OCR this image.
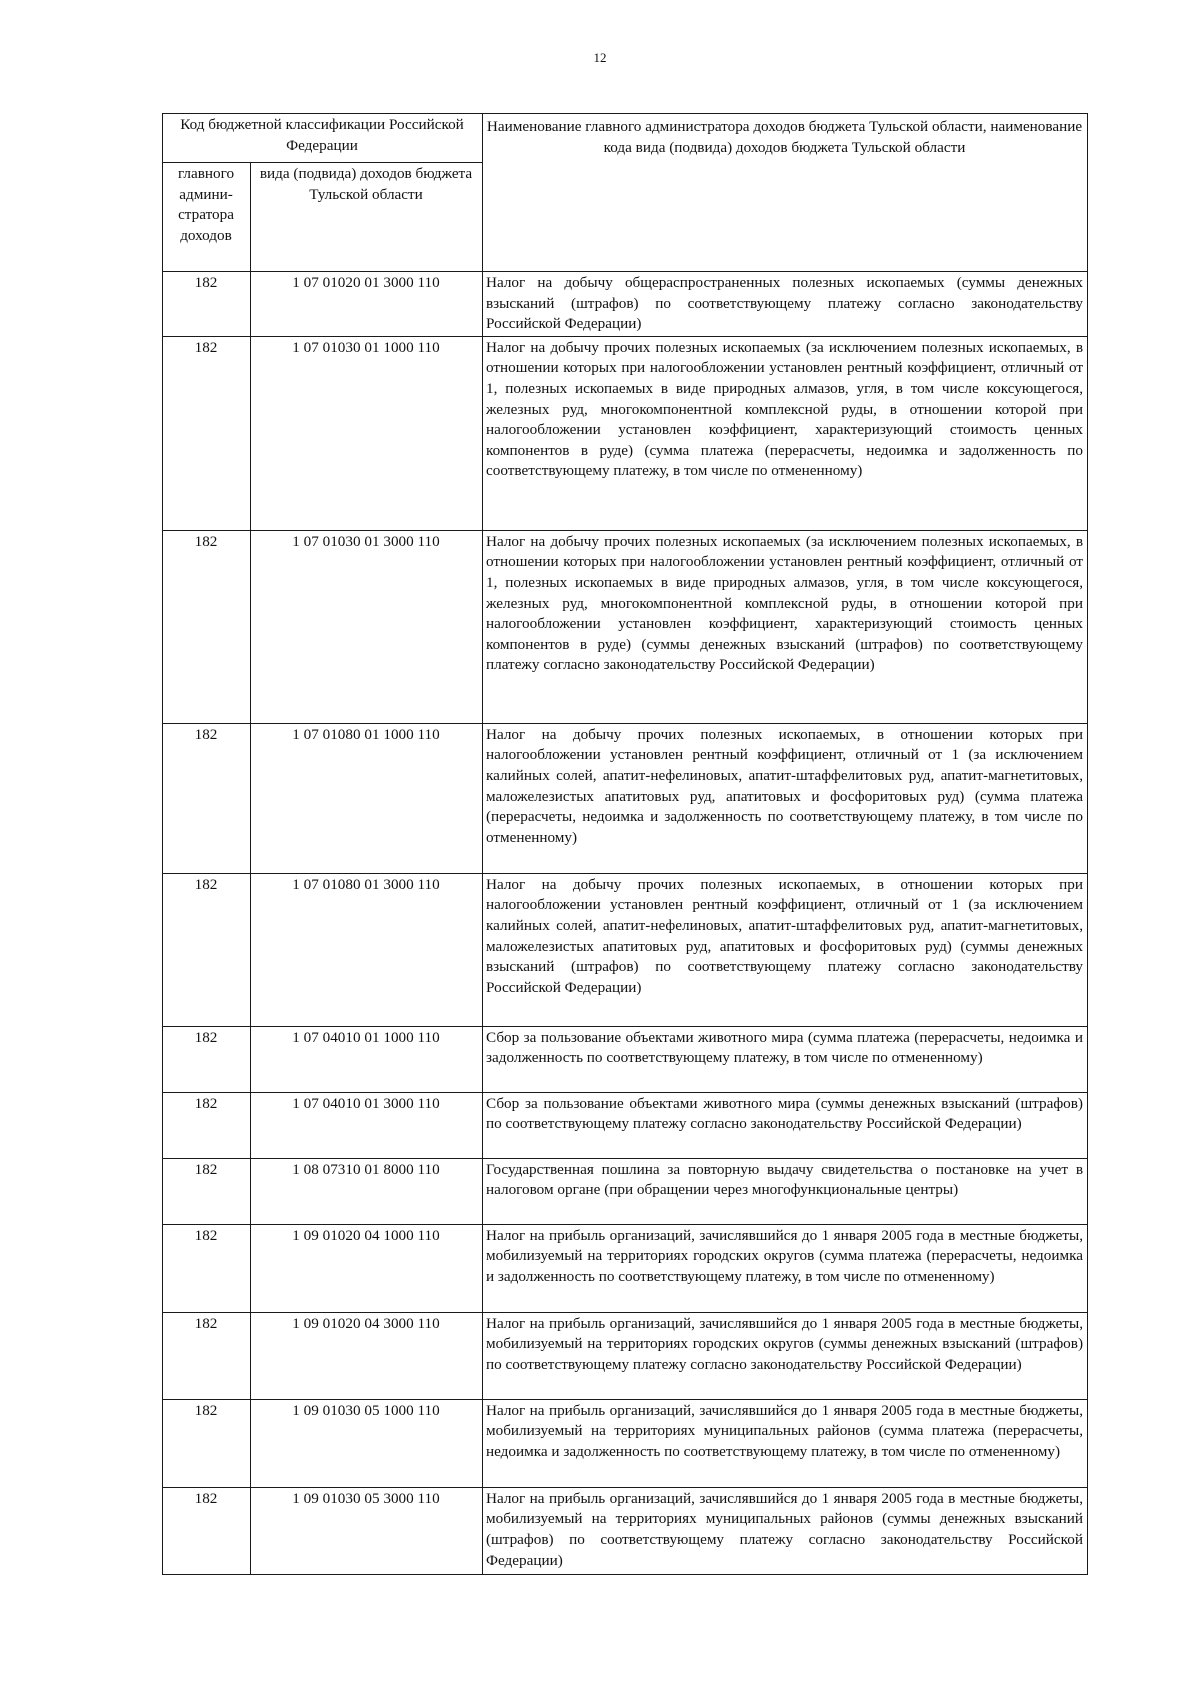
12
Код бюджетной классификации Российской Федерации		Наименование главного администратора доходов бюджета Тульской области, наименование кода вида (подвида) доходов бюджета Тульской области
главного админи-стратора доходов	вида (подвида) доходов бюджета Тульской области	
182	1 07 01020 01 3000 110	Налог на добычу общераспространенных полезных ископаемых (суммы денежных взысканий (штрафов) по соответствующему платежу согласно законодательству Российской Федерации)
182	1 07 01030 01 1000 110	Налог на добычу прочих полезных ископаемых (за исключением полезных ископаемых, в отношении которых при налогообложении установлен рентный коэффициент, отличный от 1, полезных ископаемых в виде природных алмазов, угля, в том числе коксующегося, железных руд, многокомпонентной комплексной руды, в отношении которой при налогообложении установлен коэффициент, характеризующий стоимость ценных компонентов в руде) (сумма платежа (перерасчеты, недоимка и задолженность по соответствующему платежу, в том числе по отмененному)
182	1 07 01030 01 3000 110	Налог на добычу прочих полезных ископаемых (за исключением полезных ископаемых, в отношении которых при налогообложении установлен рентный коэффициент, отличный от 1, полезных ископаемых в виде природных алмазов, угля, в том числе коксующегося, железных руд, многокомпонентной комплексной руды, в отношении которой при налогообложении установлен коэффициент, характеризующий стоимость ценных компонентов в руде) (суммы денежных взысканий (штрафов) по соответствующему платежу согласно законодательству Российской Федерации)
182	1 07 01080 01 1000 110	Налог на добычу прочих полезных ископаемых, в отношении которых при налогообложении установлен рентный коэффициент, отличный от 1 (за исключением калийных солей, апатит-нефелиновых, апатит-штаффелитовых руд, апатит-магнетитовых, маложелезистых апатитовых руд, апатитовых и фосфоритовых руд) (сумма платежа (перерасчеты, недоимка и задолженность по соответствующему платежу, в том числе по отмененному)
182	1 07 01080 01 3000 110	Налог на добычу прочих полезных ископаемых, в отношении которых при налогообложении установлен рентный коэффициент, отличный от 1 (за исключением калийных солей, апатит-нефелиновых, апатит-штаффелитовых руд, апатит-магнетитовых, маложелезистых апатитовых руд, апатитовых и фосфоритовых руд) (суммы денежных взысканий (штрафов) по соответствующему платежу согласно законодательству Российской Федерации)
182	1 07 04010 01 1000 110	Сбор за пользование объектами животного мира (сумма платежа (перерасчеты, недоимка и задолженность по соответствующему платежу, в том числе по отмененному)
182	1 07 04010 01 3000 110	Сбор за пользование объектами животного мира (суммы денежных взысканий (штрафов) по соответствующему платежу согласно законодательству Российской Федерации)
182	1 08 07310 01 8000 110	Государственная пошлина за повторную выдачу свидетельства о постановке на учет в налоговом органе (при обращении через многофункциональные центры)
182	1 09 01020 04 1000 110	Налог на прибыль организаций, зачислявшийся до 1 января 2005 года в местные бюджеты, мобилизуемый на территориях городских округов (сумма платежа (перерасчеты, недоимка и задолженность по соответствующему платежу, в том числе по отмененному)
182	1 09 01020 04 3000 110	Налог на прибыль организаций, зачислявшийся до 1 января 2005 года в местные бюджеты, мобилизуемый на территориях городских округов (суммы денежных взысканий (штрафов) по соответствующему платежу согласно законодательству Российской Федерации)
182	1 09 01030 05 1000 110	Налог на прибыль организаций, зачислявшийся до 1 января 2005 года в местные бюджеты, мобилизуемый на территориях муниципальных районов (сумма платежа (перерасчеты, недоимка и задолженность по соответствующему платежу, в том числе по отмененному)
182	1 09 01030 05 3000 110	Налог на прибыль организаций, зачислявшийся до 1 января 2005 года в местные бюджеты, мобилизуемый на территориях муниципальных районов (суммы денежных взысканий (штрафов) по соответствующему платежу согласно законодательству Российской Федерации)
